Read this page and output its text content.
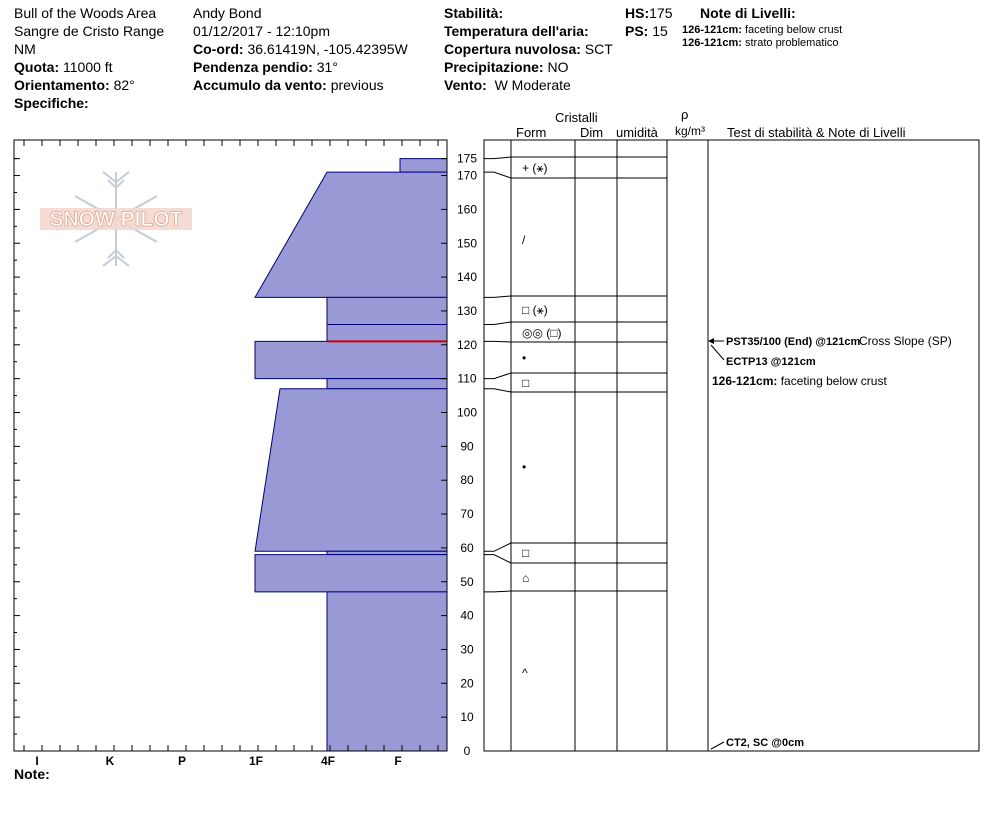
Bull of the Woods Area
Sangre de Cristo Range
NM
Quota: 11000 ft
Orientamento: 82°
Specifiche:
Andy Bond
01/12/2017 - 12:10pm
Co-ord: 36.61419N, -105.42395W
Pendenza pendio: 31°
Accumulo da vento: previous
Stabilità:
Temperatura dell'aria:
Copertura nuvolosa: SCT
Precipitazione: NO
Vento: W Moderate
HS:175
PS: 15
Note di Livelli:
126-121cm: faceting below crust
126-121cm: strato problematico
Cristalli
Form	Dim umidità
ρ
kg/m³ Test di stabilità & Note di Livelli
Note:
SNOW PILOT
I	K	P	1F	4F	F
0
10
20
30
40
50
60
70
80
90
100
110
120
130
140
150
160
170
175
+ (⚹)
/
□ (⚹)
◎◎ (□)
•
□
•
□
⌂
^
PST35/100 (End) @121cm
Cross Slope (SP)
ECTP13 @121cm
126-121cm: faceting below crust
CT2, SC @0cm
